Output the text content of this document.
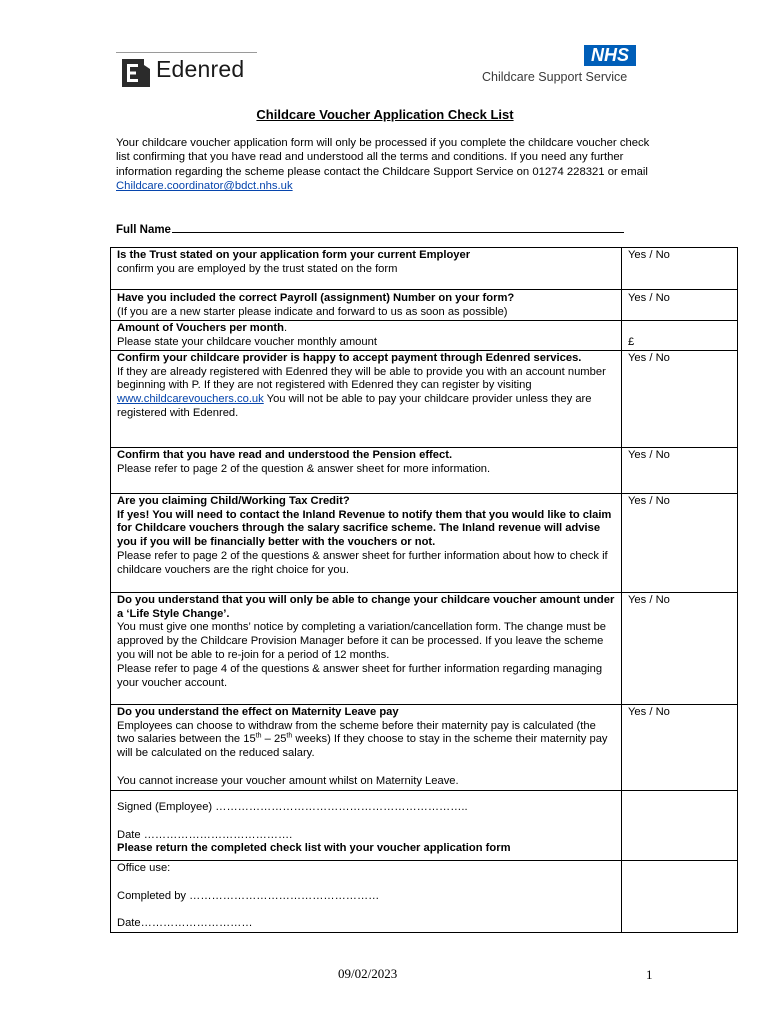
Edenred
NHS
Childcare Support Service
Childcare Voucher Application Check List
Your childcare voucher application form will only be processed if you complete the childcare voucher check list confirming that you have read and understood all the terms and conditions. If you need any further information regarding the scheme please contact the Childcare Support Service on 01274 228321 or email Childcare.coordinator@bdct.nhs.uk
Full Name
Is the Trust stated on your application form your current Employer
confirm you are employed by the trust stated on the form	Yes / No

Have you included the correct Payroll (assignment) Number on your form?
(If you are a new starter please indicate and forward to us as soon as possible)	Yes / No

Amount of Vouchers per month.
Please state your childcare voucher monthly amount	£

Confirm your childcare provider is happy to accept payment through Edenred services.
If they are already registered with Edenred they will be able to provide you with an account number beginning with P. If they are not registered with Edenred they can register by visiting www.childcarevouchers.co.uk You will not be able to pay your childcare provider unless they are registered with Edenred.	Yes / No

Confirm that you have read and understood the Pension effect.
Please refer to page 2 of the question & answer sheet for more information.	Yes / No

Are you claiming Child/Working Tax Credit?
If yes! You will need to contact the Inland Revenue to notify them that you would like to claim for Childcare vouchers through the salary sacrifice scheme. The Inland revenue will advise you if you will be financially better with the vouchers or not.
Please refer to page 2 of the questions & answer sheet for further information about how to check if childcare vouchers are the right choice for you.	Yes / No

Do you understand that you will only be able to change your childcare voucher amount under a ‘Life Style Change’.
You must give one months’ notice by completing a variation/cancellation form. The change must be approved by the Childcare Provision Manager before it can be processed. If you leave the scheme you will not be able to re-join for a period of 12 months.
Please refer to page 4 of the questions & answer sheet for further information regarding managing your voucher account.	Yes / No

Do you understand the effect on Maternity Leave pay
Employees can choose to withdraw from the scheme before their maternity pay is calculated (the two salaries between the 15th – 25th weeks) If they choose to stay in the scheme their maternity pay will be calculated on the reduced salary.
You cannot increase your voucher amount whilst on Maternity Leave.	Yes / No

Signed (Employee) …………………………………………………………..
Date ………………………………….
Please return the completed check list with your voucher application form	

Office use:
Completed by ……………………………………………
Date…………………………	

09/02/2023	1
